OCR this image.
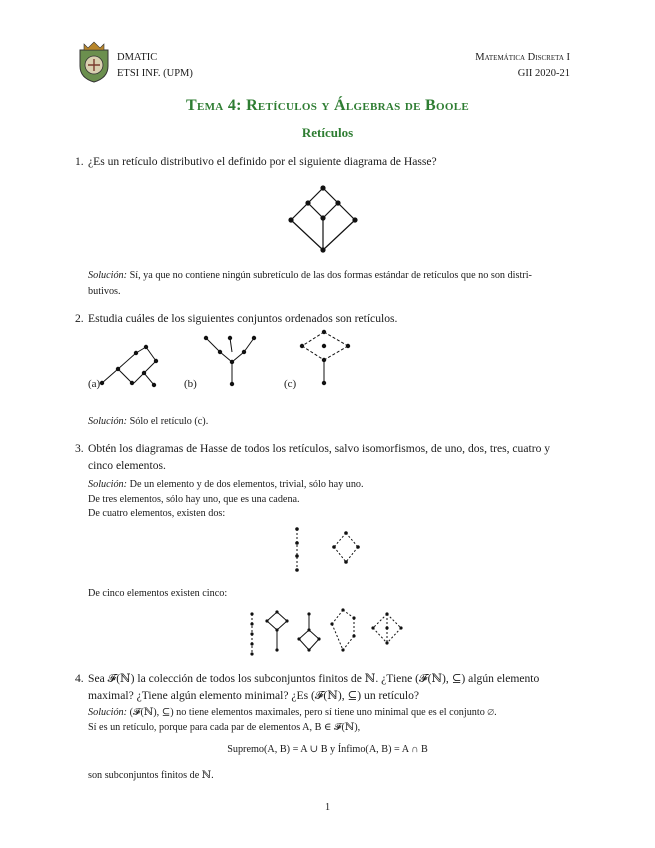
DMATIC
ETSI INF. (UPM)
Matemática Discreta I
GII 2020-21
Tema 4: Retículos y Álgebras de Boole
Retículos
1. ¿Es un retículo distributivo el definido por el siguiente diagrama de Hasse?
Solución: Sí, ya que no contiene ningún subretículo de las dos formas estándar de retículos que no son distri-
butivos.
2. Estudia cuáles de los siguientes conjuntos ordenados son retículos.
(a)	(b)	(c)
Solución: Sólo el retículo (c).
3. Obtén los diagramas de Hasse de todos los retículos, salvo isomorfismos, de uno, dos, tres, cuatro y
cinco elementos.
Solución: De un elemento y de dos elementos, trivial, sólo hay uno.
De tres elementos, sólo hay uno, que es una cadena.
De cuatro elementos, existen dos:
De cinco elementos existen cinco:
4. Sea 𝓕(ℕ) la colección de todos los subconjuntos finitos de ℕ. ¿Tiene (𝓕(ℕ), ⊆) algún elemento
maximal? ¿Tiene algún elemento minimal? ¿Es (𝓕(ℕ), ⊆) un retículo?
Solución: (𝓕(ℕ), ⊆) no tiene elementos maximales, pero sí tiene uno minimal que es el conjunto ∅.
Sí es un retículo, porque para cada par de elementos A, B ∈ 𝓕(ℕ),
Supremo(A, B) = A ∪ B y Ínfimo(A, B) = A ∩ B
son subconjuntos finitos de ℕ.
1
